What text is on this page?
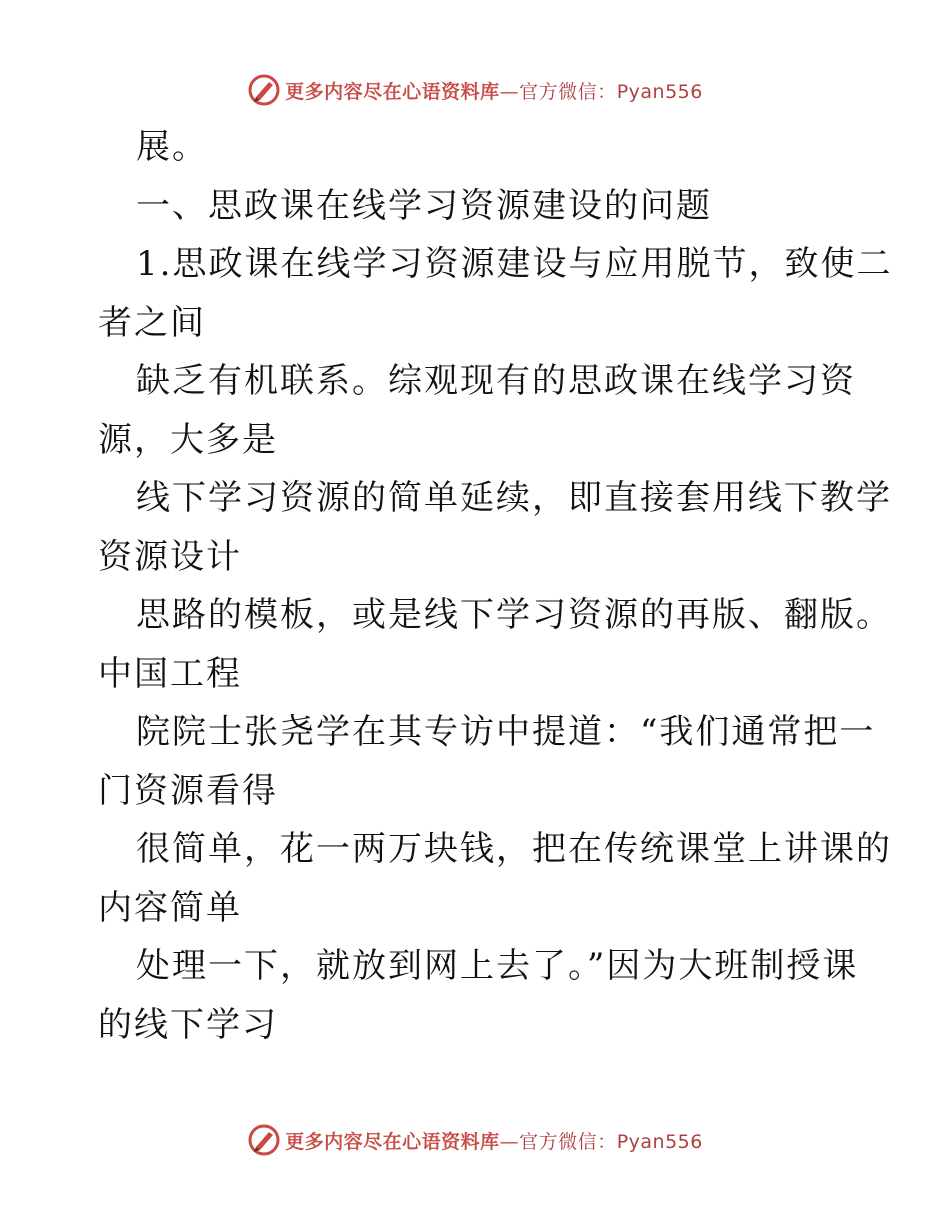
更多内容尽在心语资料库—官方微信：Pyan556
展。
一、思政课在线学习资源建设的问题
1.思政课在线学习资源建设与应用脱节，致使二
者之间
缺乏有机联系。综观现有的思政课在线学习资
源，大多是
线下学习资源的简单延续，即直接套用线下教学
资源设计
思路的模板，或是线下学习资源的再版、翻版。
中国工程
院院士张尧学在其专访中提道：“我们通常把一
门资源看得
很简单，花一两万块钱，把在传统课堂上讲课的
内容简单
处理一下，就放到网上去了。”因为大班制授课
的线下学习
更多内容尽在心语资料库—官方微信：Pyan556
